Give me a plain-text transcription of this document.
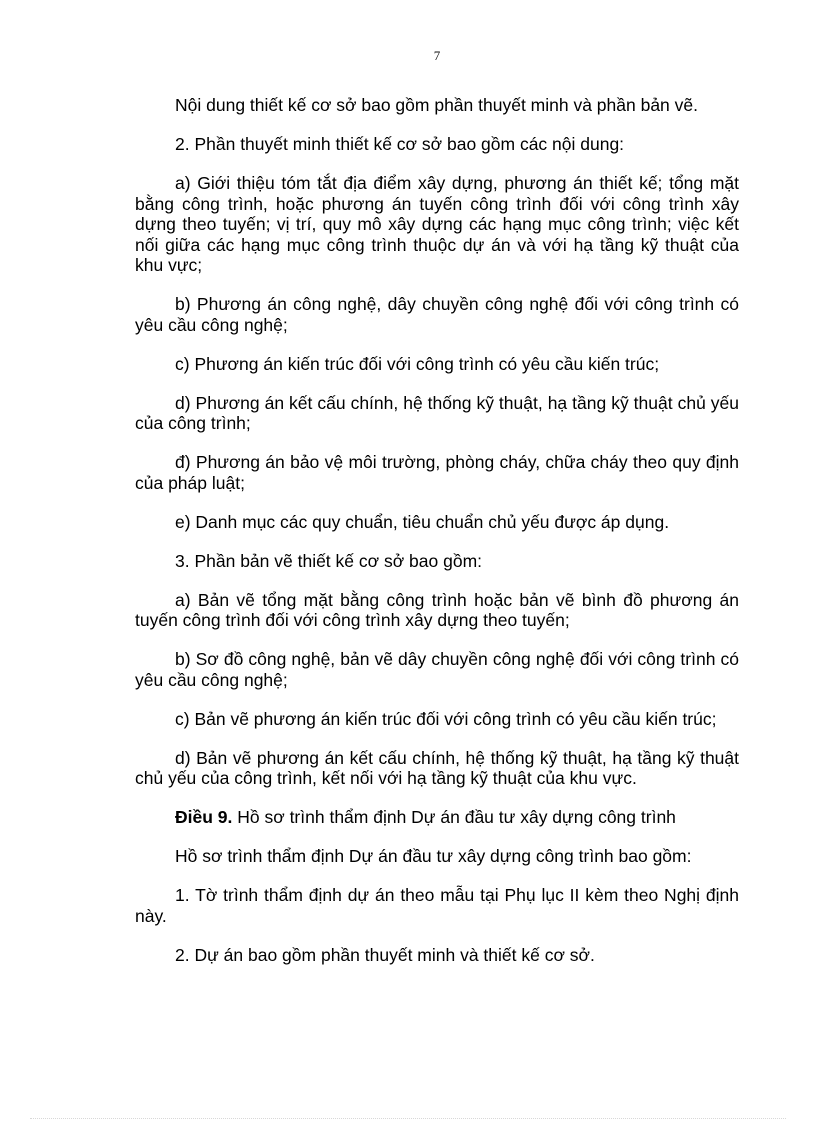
7

Nội dung thiết kế cơ sở bao gồm phần thuyết minh và phần bản vẽ.

2. Phần thuyết minh thiết kế cơ sở bao gồm các nội dung:

a) Giới thiệu tóm tắt địa điểm xây dựng, phương án thiết kế; tổng mặt bằng công trình, hoặc phương án tuyến công trình đối với công trình xây dựng theo tuyến; vị trí, quy mô xây dựng các hạng mục công trình; việc kết nối giữa các hạng mục công trình thuộc dự án và với hạ tầng kỹ thuật của khu vực;

b) Phương án công nghệ, dây chuyền công nghệ đối với công trình có yêu cầu công nghệ;

c) Phương án kiến trúc đối với công trình có yêu cầu kiến trúc;

d) Phương án kết cấu chính, hệ thống kỹ thuật, hạ tầng kỹ thuật chủ yếu của công trình;

đ) Phương án bảo vệ môi trường, phòng cháy, chữa cháy theo quy định của pháp luật;

e) Danh mục các quy chuẩn, tiêu chuẩn chủ yếu được áp dụng.

3. Phần bản vẽ thiết kế cơ sở bao gồm:

a) Bản vẽ tổng mặt bằng công trình hoặc bản vẽ bình đồ phương án tuyến công trình đối với công trình xây dựng theo tuyến;

b) Sơ đồ công nghệ, bản vẽ dây chuyền công nghệ đối với công trình có yêu cầu công nghệ;

c) Bản vẽ phương án kiến trúc đối với công trình có yêu cầu kiến trúc;

d) Bản vẽ phương án kết cấu chính, hệ thống kỹ thuật, hạ tầng kỹ thuật chủ yếu của công trình, kết nối với hạ tầng kỹ thuật của khu vực.

Điều 9. Hồ sơ trình thẩm định Dự án đầu tư xây dựng công trình

Hồ sơ trình thẩm định Dự án đầu tư xây dựng công trình bao gồm:

1. Tờ trình thẩm định dự án theo mẫu tại Phụ lục II kèm theo Nghị định này.

2. Dự án bao gồm phần thuyết minh và thiết kế cơ sở.
